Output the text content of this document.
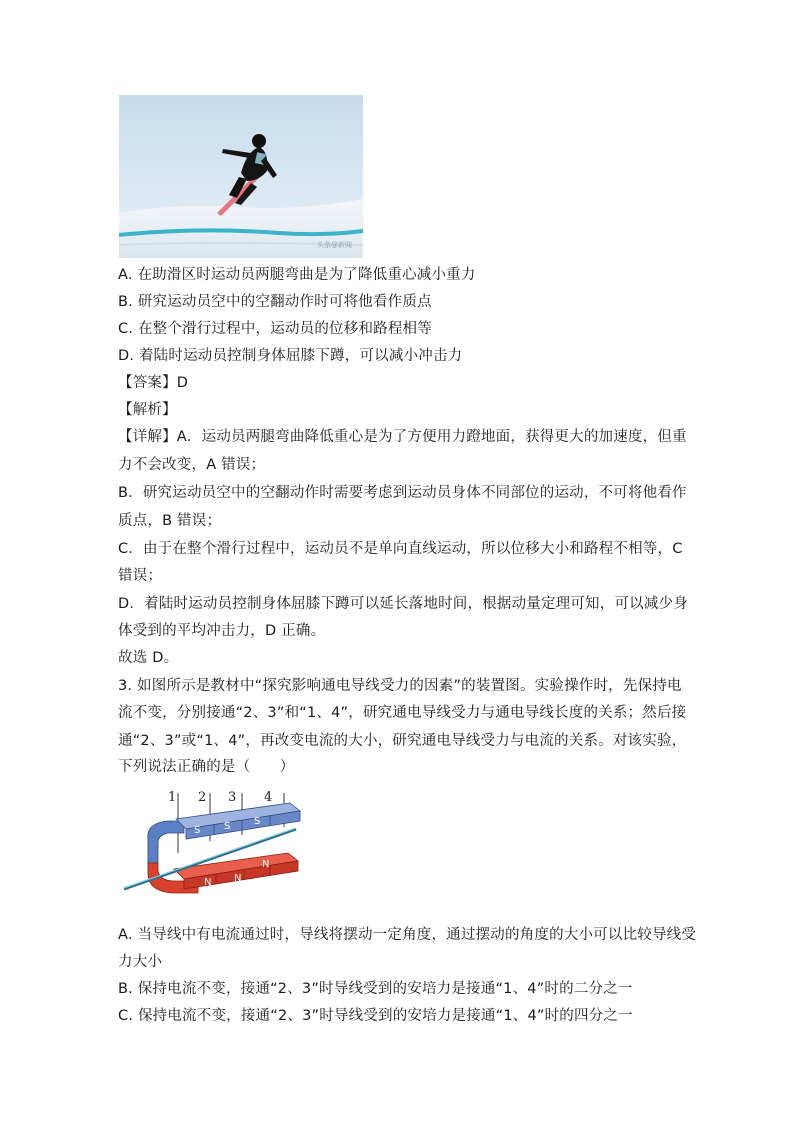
头条@新闻
A. 在助滑区时运动员两腿弯曲是为了降低重心减小重力
B. 研究运动员空中的空翻动作时可将他看作质点
C. 在整个滑行过程中，运动员的位移和路程相等
D. 着陆时运动员控制身体屈膝下蹲，可以减小冲击力
【答案】D
【解析】
【详解】A．运动员两腿弯曲降低重心是为了方便用力蹬地面，获得更大的加速度，但重
力不会改变，A 错误；
B．研究运动员空中的空翻动作时需要考虑到运动员身体不同部位的运动，不可将他看作
质点，B 错误；
C．由于在整个滑行过程中，运动员不是单向直线运动，所以位移大小和路程不相等，C
错误；
D．着陆时运动员控制身体屈膝下蹲可以延长落地时间，根据动量定理可知，可以减少身
体受到的平均冲击力，D 正确。
故选 D。
3. 如图所示是教材中“探究影响通电导线受力的因素”的装置图。实验操作时，先保持电
流不变，分别接通“2、3”和“1、4”，研究通电导线受力与通电导线长度的关系；然后接
通“2、3”或“1、4”，再改变电流的大小，研究通电导线受力与电流的关系。对该实验，
下列说法正确的是（　　）
1 2 3 4
S S S
N N
N
A. 当导线中有电流通过时，导线将摆动一定角度，通过摆动的角度的大小可以比较导线受
力大小
B. 保持电流不变，接通“2、3”时导线受到的安培力是接通“1、4”时的二分之一
C. 保持电流不变，接通“2、3”时导线受到的安培力是接通“1、4”时的四分之一
